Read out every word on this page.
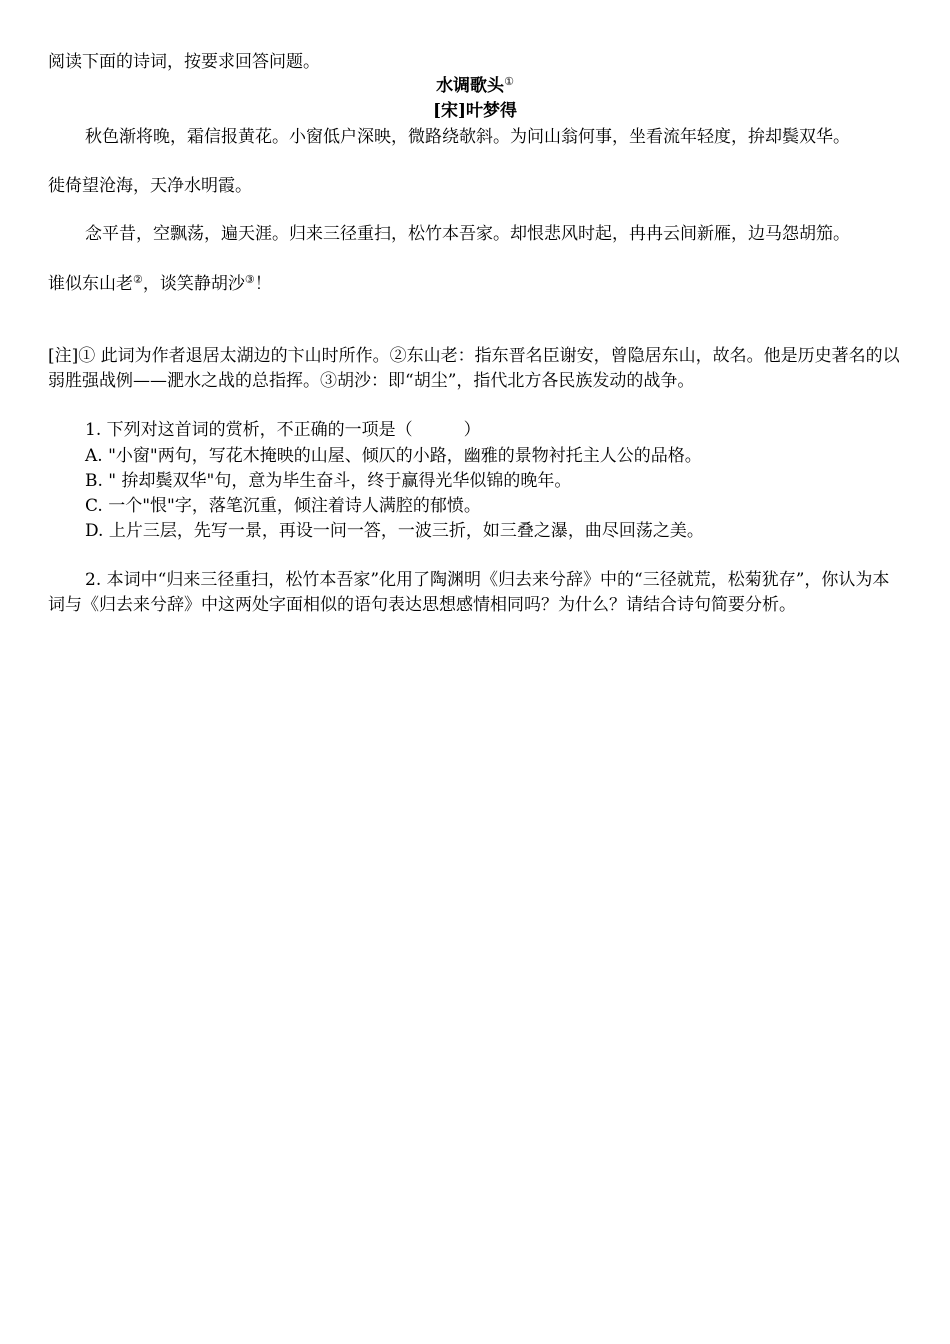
阅读下面的诗词，按要求回答问题。
水调歌头①
[宋]叶梦得
秋色渐将晚，霜信报黄花。小窗低户深映，微路绕欹斜。为问山翁何事，坐看流年轻度，拚却鬓双华。
徙倚望沧海，天净水明霞。
念平昔，空飘荡，遍天涯。归来三径重扫，松竹本吾家。却恨悲风时起，冉冉云间新雁，边马怨胡笳。
谁似东山老②，谈笑静胡沙③！
[注]① 此词为作者退居太湖边的卞山时所作。②东山老：指东晋名臣谢安，曾隐居东山，故名。他是历史著名的以弱胜强战例——淝水之战的总指挥。③胡沙：即“胡尘”，指代北方各民族发动的战争。
1. 下列对这首词的赏析，不正确的一项是（　　　）
A. "小窗"两句，写花木掩映的山屋、倾仄的小路，幽雅的景物衬托主人公的品格。
B. " 拚却鬓双华"句，意为毕生奋斗，终于赢得光华似锦的晚年。
C. 一个"恨"字，落笔沉重，倾注着诗人满腔的郁愤。
D. 上片三层，先写一景，再设一问一答，一波三折，如三叠之瀑，曲尽回荡之美。
2. 本词中“归来三径重扫，松竹本吾家”化用了陶渊明《归去来兮辞》中的“三径就荒，松菊犹存”，你认为本词与《归去来兮辞》中这两处字面相似的语句表达思想感情相同吗？为什么？请结合诗句简要分析。
